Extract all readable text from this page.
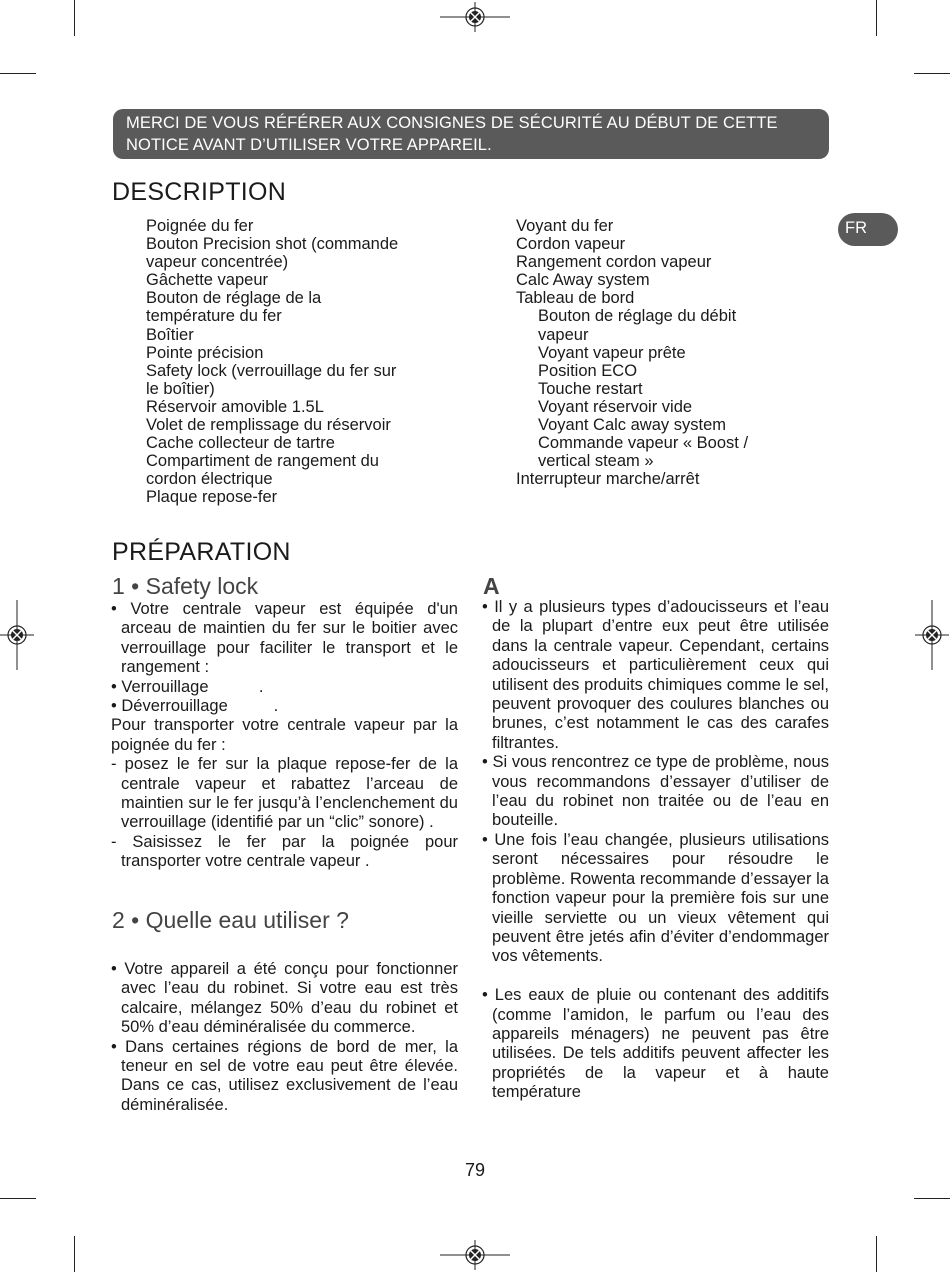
MERCI DE VOUS RÉFÉRER AUX CONSIGNES DE SÉCURITÉ AU DÉBUT DE CETTE
NOTICE AVANT D’UTILISER VOTRE APPAREIL.
FR
DESCRIPTION
Poignée du fer
Bouton Precision shot (commande
vapeur concentrée)
Gâchette vapeur
Bouton de réglage de la
température du fer
Boîtier
Pointe précision
Safety lock (verrouillage du fer sur
le boîtier)
Réservoir amovible 1.5L
Volet de remplissage du réservoir
Cache collecteur de tartre
Compartiment de rangement du
cordon électrique
Plaque repose-fer
Voyant du fer
Cordon vapeur
Rangement cordon vapeur
Calc Away system
Tableau de bord
Bouton de réglage du débit
vapeur
Voyant vapeur prête
Position ECO
Touche restart
Voyant réservoir vide
Voyant Calc away system
Commande vapeur « Boost /
vertical steam »
Interrupteur marche/arrêt
PRÉPARATION
1 • Safety lock	A

• Votre centrale vapeur est équipée d'un arceau de maintien du fer sur le boitier avec verrouillage pour faciliter le transport et le rangement :

• Verrouillage           .

• Déverrouillage          .

Pour transporter votre centrale vapeur par la poignée du fer :

- posez le fer sur la plaque repose-fer de la centrale vapeur et rabattez l’arceau de maintien sur le fer jusqu’à l’enclenchement du verrouillage (identifié par un “clic” sonore) .

- Saisissez le fer par la poignée pour transporter votre centrale vapeur .

2 • Quelle eau utiliser ?

• Votre appareil a été conçu pour fonctionner avec l’eau du robinet. Si votre eau est très calcaire, mélangez 50% d’eau du robinet et 50% d’eau déminéralisée du commerce.

• Dans certaines régions de bord de mer, la teneur en sel de votre eau peut être élevée. Dans ce cas, utilisez exclusivement de l’eau déminéralisée.

• Il y a plusieurs types d’adoucisseurs et l’eau de la plupart d’entre eux peut être utilisée dans la centrale vapeur. Cependant, certains adoucisseurs et particulièrement ceux qui utilisent des produits chimiques comme le sel, peuvent provoquer des coulures blanches ou brunes, c’est notamment le cas des carafes filtrantes.

• Si vous rencontrez ce type de problème, nous vous recommandons d’essayer d’utiliser de l’eau du robinet non traitée ou de l’eau en bouteille.

• Une fois l’eau changée, plusieurs utilisations seront nécessaires pour résoudre le problème. Rowenta recommande d’essayer la fonction vapeur pour la première fois sur une vieille serviette ou un vieux vêtement qui peuvent être jetés afin d’éviter d’endommager vos vêtements.

• Les eaux de pluie ou contenant des additifs (comme l’amidon, le parfum ou l’eau des appareils ménagers) ne peuvent pas être utilisées. De tels additifs peuvent affecter les propriétés de la vapeur et à haute température

79
